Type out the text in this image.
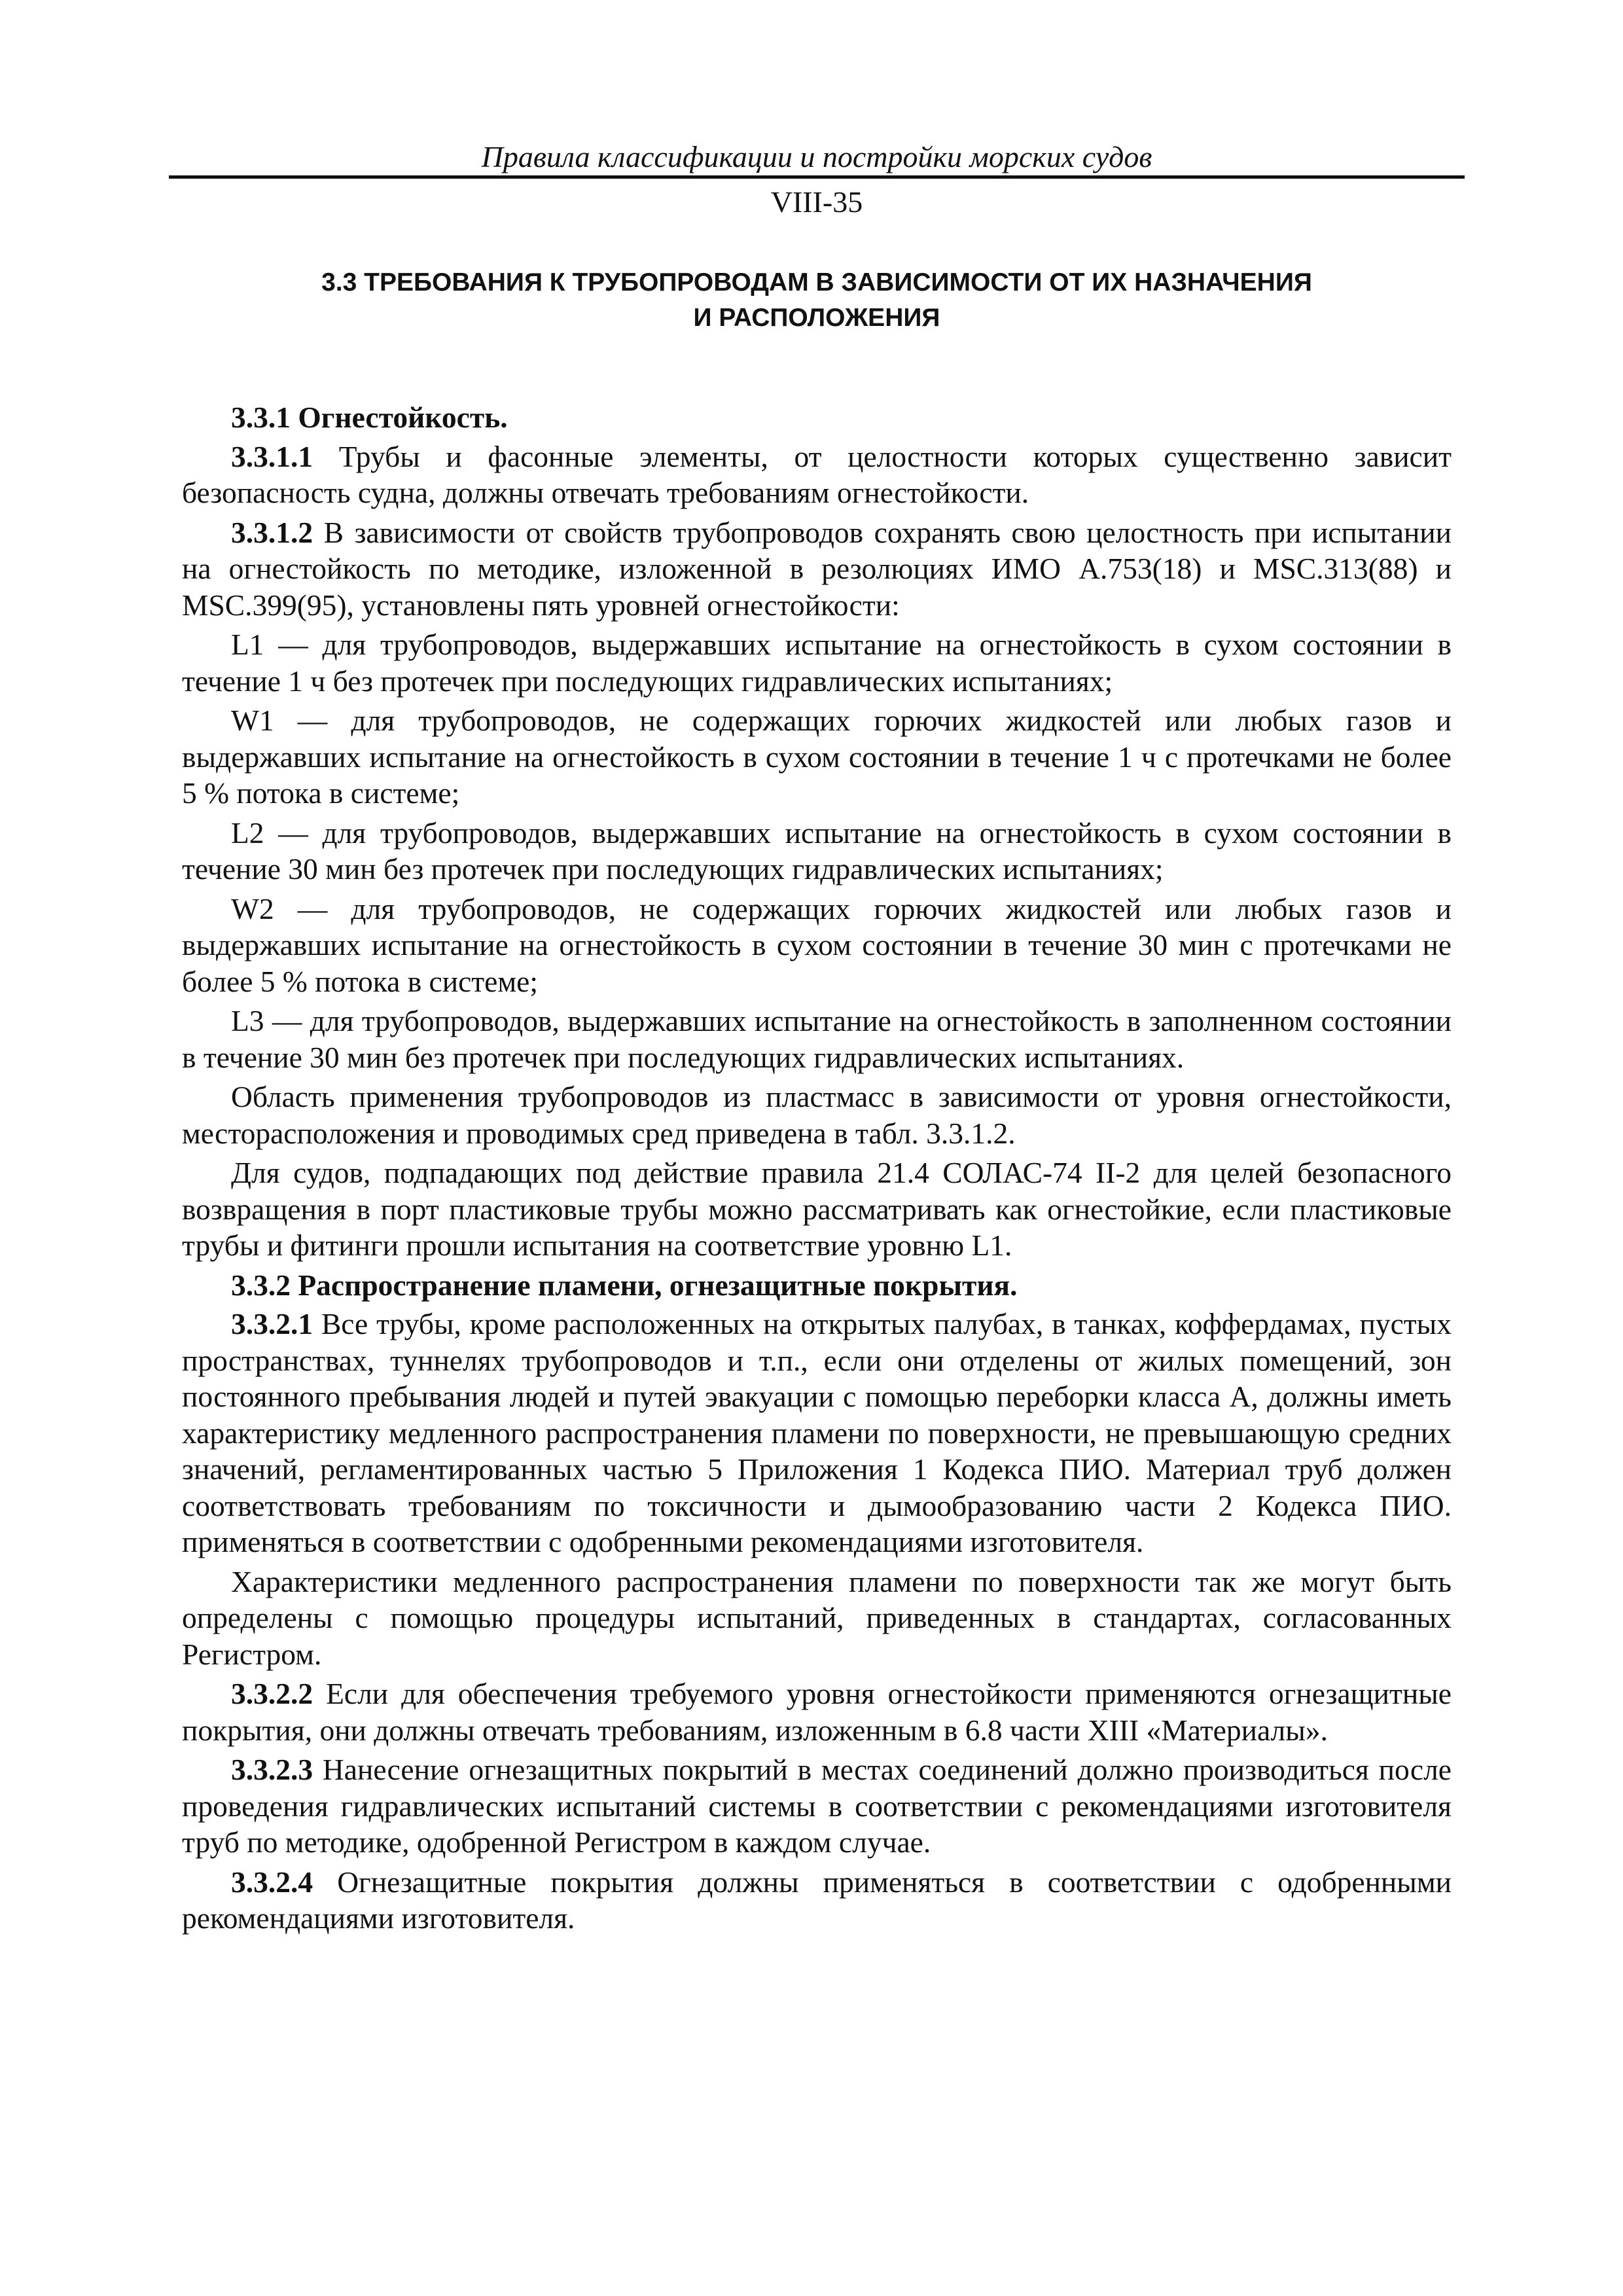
Правила классификации и постройки морских судов
VIII-35
3.3 ТРЕБОВАНИЯ К ТРУБОПРОВОДАМ В ЗАВИСИМОСТИ ОТ ИХ НАЗНАЧЕНИЯ
И РАСПОЛОЖЕНИЯ

3.3.1 Огнестойкость.

3.3.1.1 Трубы и фасонные элементы, от целостности которых существенно зависит безопасность судна, должны отвечать требованиям огнестойкости.

3.3.1.2 В зависимости от свойств трубопроводов сохранять свою целостность при испытании на огнестойкость по методике, изложенной в резолюциях ИМО А.753(18) и MSC.313(88) и MSC.399(95), установлены пять уровней огнестойкости:

L1 — для трубопроводов, выдержавших испытание на огнестойкость в сухом состоянии в течение 1 ч без протечек при последующих гидравлических испытаниях;

W1 — для трубопроводов, не содержащих горючих жидкостей или любых газов и выдержавших испытание на огнестойкость в сухом состоянии в течение 1 ч с протечками не более 5 % потока в системе;

L2 — для трубопроводов, выдержавших испытание на огнестойкость в сухом состоянии в течение 30 мин без протечек при последующих гидравлических испытаниях;

W2 — для трубопроводов, не содержащих горючих жидкостей или любых газов и выдержавших испытание на огнестойкость в сухом состоянии в течение 30 мин с протечками не более 5 % потока в системе;

L3 — для трубопроводов, выдержавших испытание на огнестойкость в заполненном состоянии в течение 30 мин без протечек при последующих гидравлических испытаниях.

Область применения трубопроводов из пластмасс в зависимости от уровня огнестойкости, месторасположения и проводимых сред приведена в табл. 3.3.1.2.

Для судов, подпадающих под действие правила 21.4 СОЛАС-74 II-2 для целей безопасного возвращения в порт пластиковые трубы можно рассматривать как огнестойкие, если пластиковые трубы и фитинги прошли испытания на соответствие уровню L1.

3.3.2 Распространение пламени, огнезащитные покрытия.

3.3.2.1 Все трубы, кроме расположенных на открытых палубах, в танках, коффердамах, пустых пространствах, туннелях трубопроводов и т.п., если они отделены от жилых помещений, зон постоянного пребывания людей и путей эвакуации с помощью переборки класса А, должны иметь характеристику медленного распространения пламени по поверхности, не превышающую средних значений, регламентированных частью 5 Приложения 1 Кодекса ПИО. Материал труб должен соответствовать требованиям по токсичности и дымообразованию части 2 Кодекса ПИО. применяться в соответствии с одобренными рекомендациями изготовителя.

Характеристики медленного распространения пламени по поверхности так же могут быть определены с помощью процедуры испытаний, приведенных в стандартах, согласованных Регистром.

3.3.2.2 Если для обеспечения требуемого уровня огнестойкости применяются огнезащитные покрытия, они должны отвечать требованиям, изложенным в 6.8 части XIII «Материалы».

3.3.2.3 Нанесение огнезащитных покрытий в местах соединений должно производиться после проведения гидравлических испытаний системы в соответствии с рекомендациями изготовителя труб по методике, одобренной Регистром в каждом случае.

3.3.2.4 Огнезащитные покрытия должны применяться в соответствии с одобренными рекомендациями изготовителя.
